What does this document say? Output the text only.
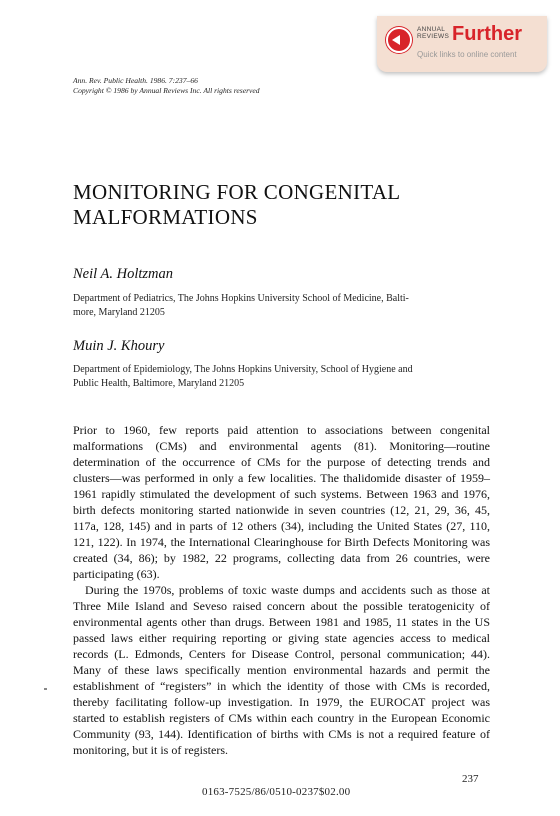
ANNUAL
REVIEWS Further
Quick links to online content
Ann. Rev. Public Health. 1986. 7:237–66
Copyright © 1986 by Annual Reviews Inc. All rights reserved
MONITORING FOR CONGENITAL
MALFORMATIONS
Neil A. Holtzman
Department of Pediatrics, The Johns Hopkins University School of Medicine, Balti-
more, Maryland 21205
Muin J. Khoury
Department of Epidemiology, The Johns Hopkins University, School of Hygiene and
Public Health, Baltimore, Maryland 21205

Prior to 1960, few reports paid attention to associations between congenital malformations (CMs) and environmental agents (81). Monitoring—routine determination of the occurrence of CMs for the purpose of detecting trends and clusters—was performed in only a few localities. The thalidomide disaster of 1959–1961 rapidly stimulated the development of such systems. Between 1963 and 1976, birth defects monitoring started nationwide in seven countries (12, 21, 29, 36, 45, 117a, 128, 145) and in parts of 12 others (34), including the United States (27, 110, 121, 122). In 1974, the International Clearinghouse for Birth Defects Monitoring was created (34, 86); by 1982, 22 programs, collecting data from 26 countries, were participating (63).

During the 1970s, problems of toxic waste dumps and accidents such as those at Three Mile Island and Seveso raised concern about the possible teratogenicity of environmental agents other than drugs. Between 1981 and 1985, 11 states in the US passed laws either requiring reporting or giving state agencies access to medical records (L. Edmonds, Centers for Disease Control, personal communication; 44). Many of these laws specifically mention environmental hazards and permit the establishment of “registers” in which the identity of those with CMs is recorded, thereby facilitating follow-up investigation. In 1979, the EUROCAT project was started to establish registers of CMs within each country in the European Economic Community (93, 144). Identification of births with CMs is not a required feature of monitoring, but it is of registers.

237
0163-7525/86/0510-0237$02.00
